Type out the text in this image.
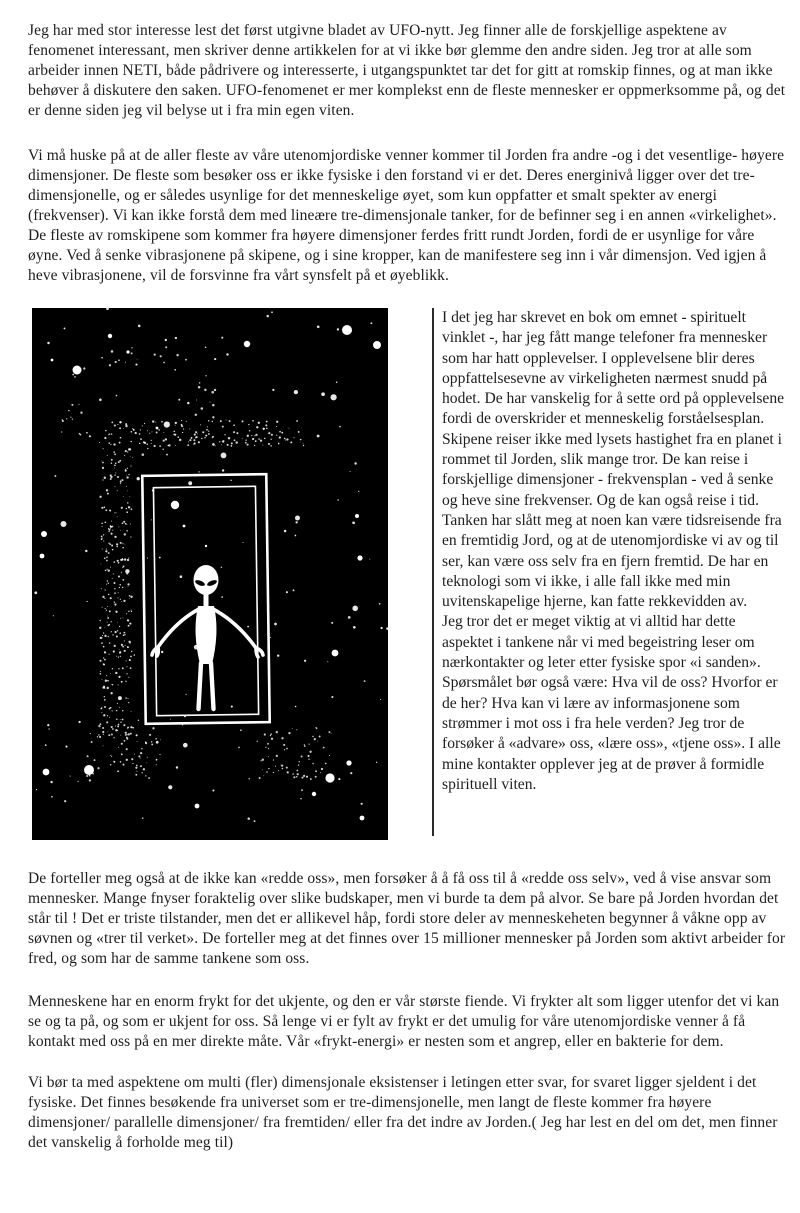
Jeg har med stor interesse lest det først utgivne bladet av UFO-nytt. Jeg finner alle de forskjellige aspektene av fenomenet interessant, men skriver denne artikkelen for at vi ikke bør glemme den andre siden. Jeg tror at alle som arbeider innen NETI, både pådrivere og interesserte, i utgangspunktet tar det for gitt at romskip finnes, og at man ikke behøver å diskutere den saken. UFO-fenomenet er mer komplekst enn de fleste mennesker er oppmerksomme på, og det er denne siden jeg vil belyse ut i fra min egen viten.

Vi må huske på at de aller fleste av våre utenomjordiske venner kommer til Jorden fra andre -og i det vesentlige- høyere dimensjoner. De fleste som besøker oss er ikke fysiske i den forstand vi er det. Deres energinivå ligger over det tre-dimensjonelle, og er således usynlige for det menneskelige øyet, som kun oppfatter et smalt spekter av energi (frekvenser). Vi kan ikke forstå dem med lineære tre-dimensjonale tanker, for de befinner seg i en annen «virkelighet». De fleste av romskipene som kommer fra høyere dimensjoner ferdes fritt rundt Jorden, fordi de er usynlige for våre øyne. Ved å senke vibrasjonene på skipene, og i sine kropper, kan de manifestere seg inn i vår dimensjon. Ved igjen å heve vibrasjonene, vil de forsvinne fra vårt synsfelt på et øyeblikk.

I det jeg har skrevet en bok om emnet - spirituelt vinklet -, har jeg fått mange telefoner fra mennesker som har hatt opplevelser. I opplevelsene blir deres oppfattelsesevne av virkeligheten nærmest snudd på hodet. De har vanskelig for å sette ord på opplevelsene fordi de overskrider et menneskelig forståelsesplan. Skipene reiser ikke med lysets hastighet fra en planet i rommet til Jorden, slik mange tror. De kan reise i forskjellige dimensjoner - frekvensplan - ved å senke og heve sine frekvenser. Og de kan også reise i tid. Tanken har slått meg at noen kan være tidsreisende fra en fremtidig Jord, og at de utenomjordiske vi av og til ser, kan være oss selv fra en fjern fremtid. De har en teknologi som vi ikke, i alle fall ikke med min uvitenskapelige hjerne, kan fatte rekkevidden av.

Jeg tror det er meget viktig at vi alltid har dette aspektet i tankene når vi med begeistring leser om nærkontakter og leter etter fysiske spor «i sanden». Spørsmålet bør også være: Hva vil de oss? Hvorfor er de her? Hva kan vi lære av informasjonene som strømmer i mot oss i fra hele verden? Jeg tror de forsøker å «advare» oss, «lære oss», «tjene oss». I alle mine kontakter opplever jeg at de prøver å formidle spirituell viten.

De forteller meg også at de ikke kan «redde oss», men forsøker å å få oss til å «redde oss selv», ved å vise ansvar som mennesker. Mange fnyser foraktelig over slike budskaper, men vi burde ta dem på alvor. Se bare på Jorden hvordan det står til ! Det er triste tilstander, men det er allikevel håp, fordi store deler av menneskeheten begynner å våkne opp av søvnen og «trer til verket». De forteller meg at det finnes over 15 millioner mennesker på Jorden som aktivt arbeider for fred, og som har de samme tankene som oss.

Menneskene har en enorm frykt for det ukjente, og den er vår største fiende. Vi frykter alt som ligger utenfor det vi kan se og ta på, og som er ukjent for oss. Så lenge vi er fylt av frykt er det umulig for våre utenomjordiske venner å få kontakt med oss på en mer direkte måte. Vår «frykt-energi» er nesten som et angrep, eller en bakterie for dem.

Vi bør ta med aspektene om multi (fler) dimensjonale eksistenser i letingen etter svar, for svaret ligger sjeldent i det fysiske. Det finnes besøkende fra universet som er tre-dimensjonelle, men langt de fleste kommer fra høyere dimensjoner/ parallelle dimensjoner/ fra fremtiden/ eller fra det indre av Jorden.( Jeg har lest en del om det, men finner det vanskelig å forholde meg til)
